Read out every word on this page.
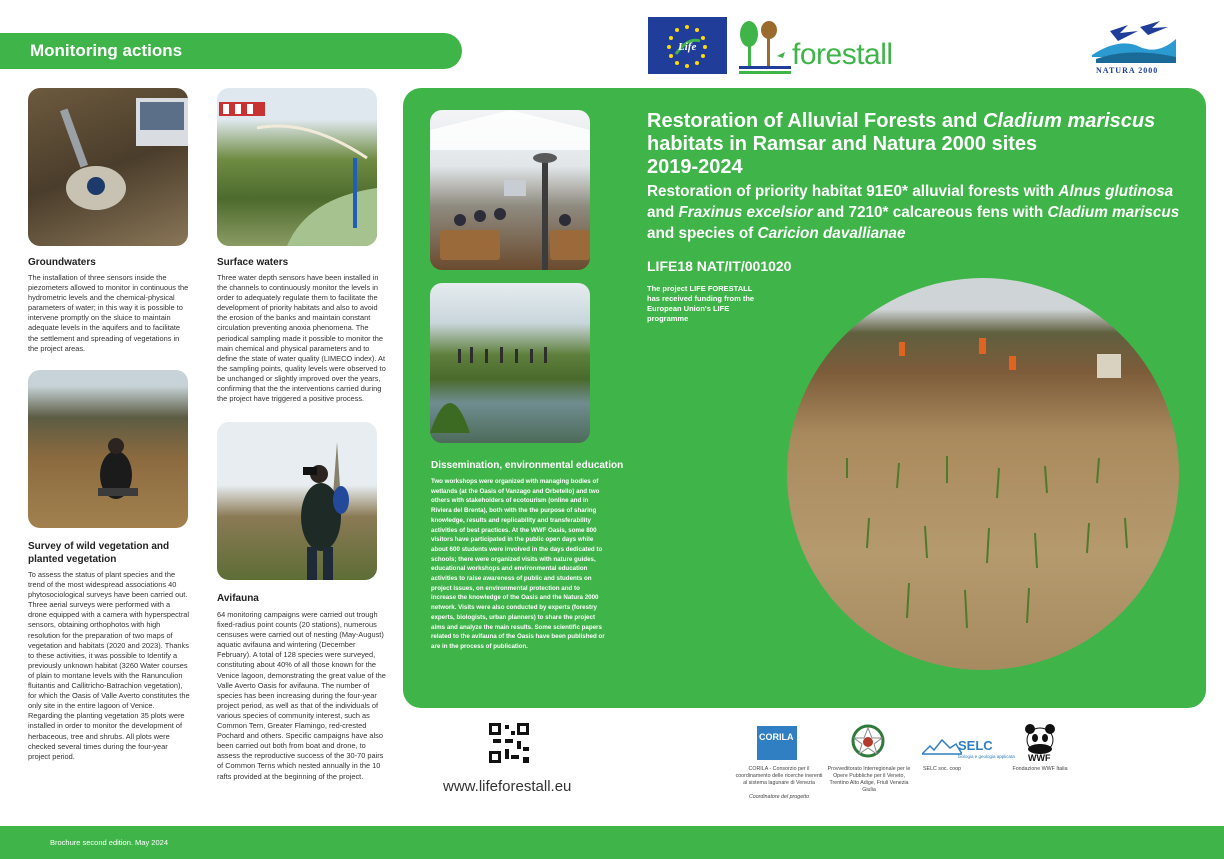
Monitoring actions	Life	forestall	NATURA 2000
Groundwaters
The installation of three sensors inside the piezometers allowed to monitor in continuous the hydrometric levels and the chemical-physical parameters of water; in this way it is possible to intervene promptly on the sluice to maintain adequate levels in the aquifers and to facilitate the settlement and spreading of vegetations in the project areas.
Surface waters
Three water depth sensors have been installed in the channels to continuously monitor the levels in order to adequately regulate them to facilitate the development of priority habitats and also to avoid the erosion of the banks and maintain constant circulation preventing anoxia phenomena. The periodical sampling made it possible to monitor the main chemical and physical parameters and to define the state of water quality (LIMECO index). At the sampling points, quality levels were observed to be unchanged or slightly improved over the years, confirming that the the interventions carried during the project have triggered a positive process.
Survey of wild vegetation and planted vegetation
To assess the status of plant species and the trend of the most widespread associations 40 phytosociological surveys have been carried out. Three aerial surveys were performed with a drone equipped with a camera with hyperspectral sensors, obtaining orthophotos with high resolution for the preparation of two maps of vegetation and habitats (2020 and 2023). Thanks to these activities, it was possible to Identify a previously unknown habitat (3260 Water courses of plain to montane levels with the Ranunculion fluitantis and Callitricho-Batrachion vegetation), for which the Oasis of Valle Averto constitutes the only site in the entire lagoon of Venice. Regarding the planting vegetation 35 plots were installed in order to monitor the development of herbaceous, tree and shrubs. All plots were checked several times during the four-year project period.
Avifauna
64 monitoring campaigns were carried out trough fixed-radius point counts (20 stations), numerous censuses were carried out of nesting (May-August) aquatic avifauna and wintering (December February). A total of 128 species were surveyed, constituting about 40% of all those known for the Venice lagoon, demonstrating the great value of the Valle Averto Oasis for avifauna. The number of species has been increasing during the four-year project period, as well as that of the individuals of various species of community interest, such as Common Tern, Greater Flamingo, red-crested Pochard and others. Specific campaigns have also been carried out both from boat and drone, to assess the reproductive success of the 30-70 pairs of Common Terns which nested annually in the 10 rafts provided at the beginning of the project.
Restoration of Alluvial Forests and Cladium mariscus
habitats in Ramsar and Natura 2000 sites
2019-2024
Restoration of priority habitat 91E0* alluvial forests with Alnus glutinosa and Fraxinus excelsior and 7210* calcareous fens with Cladium mariscus and species of Caricion davallianae
LIFE18 NAT/IT/001020
The project LIFE FORESTALL has received funding from the European Union's LIFE programme
Dissemination, environmental education
Two workshops were organized with managing bodies of wetlands (at the Oasis of Vanzago and Orbetello) and two others with stakeholders of ecotourism (online and in Riviera del Brenta), both with the the purpose of sharing knowledge, results and replicability and transferability activities of best practices. At the WWF Oasis, some 800 visitors have participated in the public open days while about 600 students were involved in the days dedicated to schools; there were organized visits with nature guides, educational workshops and environmental education activities to raise awareness of public and students on project issues, on environmental protection and to increase the knowledge of the Oasis and the Natura 2000 network. Visits were also conducted by experts (forestry experts, biologists, urban planners) to share the project aims and analyze the main results. Some scientific papers related to the avifauna of the Oasis have been published or are in the process of publication.
www.lifeforestall.eu
CORILA
CORILA - Consorzio per il coordinamento delle ricerche inerenti al sistema lagunare di Venezia
Coordinatore del progetto
Provveditorato Interregionale per le Opere Pubbliche per il Veneto, Trentino Alto Adige, Friuli Venezia Giulia
SELC
biologia e geologia applicata
SELC soc. coop
WWF
Fondazione WWF Italia
Brochure second edition. May 2024
